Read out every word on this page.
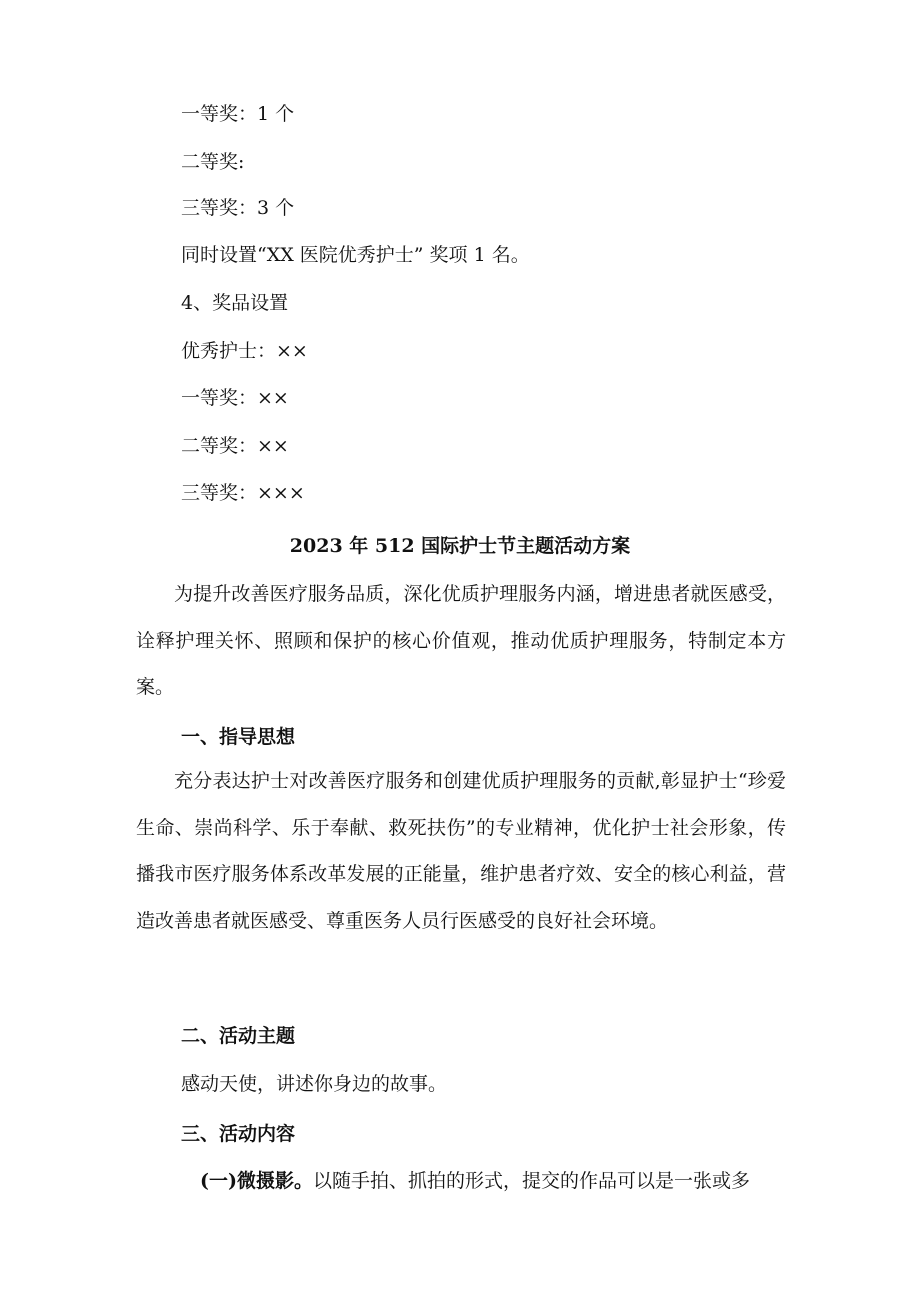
一等奖：1 个
二等奖:
三等奖：3 个
同时设置“XX 医院优秀护士” 奖项 1 名。
4、奖品设置
优秀护士：××
一等奖：××
二等奖：××
三等奖：×××
2023 年 512 国际护士节主题活动方案
为提升改善医疗服务品质，深化优质护理服务内涵，增进患者就医感受，诠释护理关怀、照顾和保护的核心价值观，推动优质护理服务，特制定本方案。
一、指导思想
充分表达护士对改善医疗服务和创建优质护理服务的贡献,彰显护士“珍爱生命、崇尚科学、乐于奉献、救死扶伤”的专业精神，优化护士社会形象，传播我市医疗服务体系改革发展的正能量，维护患者疗效、安全的核心利益，营造改善患者就医感受、尊重医务人员行医感受的良好社会环境。
二、活动主题
感动天使，讲述你身边的故事。
三、活动内容
(一)微摄影。以随手拍、抓拍的形式，提交的作品可以是一张或多
